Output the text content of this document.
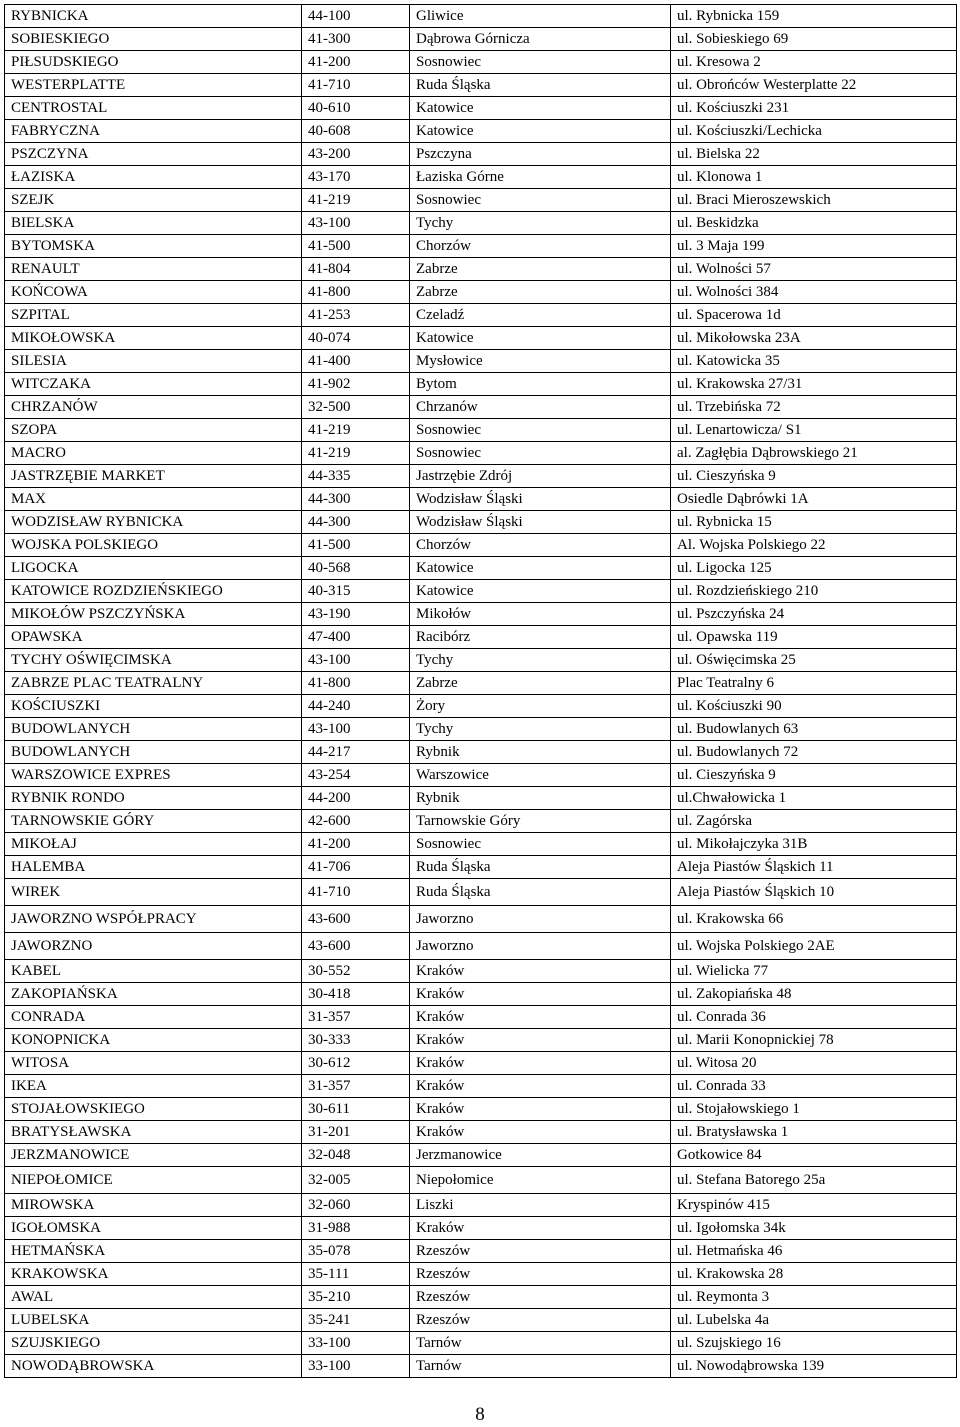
RYBNICKA	44-100	Gliwice	ul. Rybnicka 159
SOBIESKIEGO	41-300	Dąbrowa Górnicza	ul. Sobieskiego 69
PIŁSUDSKIEGO	41-200	Sosnowiec	ul. Kresowa 2
WESTERPLATTE	41-710	Ruda Śląska	ul. Obrońców Westerplatte 22
CENTROSTAL	40-610	Katowice	ul. Kościuszki 231
FABRYCZNA	40-608	Katowice	ul. Kościuszki/Lechicka
PSZCZYNA	43-200	Pszczyna	ul. Bielska 22
ŁAZISKA	43-170	Łaziska Górne	ul. Klonowa 1
SZEJK	41-219	Sosnowiec	ul. Braci Mieroszewskich
BIELSKA	43-100	Tychy	ul. Beskidzka
BYTOMSKA	41-500	Chorzów	ul. 3 Maja 199
RENAULT	41-804	Zabrze	ul. Wolności 57
KOŃCOWA	41-800	Zabrze	ul. Wolności 384
SZPITAL	41-253	Czeladź	ul. Spacerowa 1d
MIKOŁOWSKA	40-074	Katowice	ul. Mikołowska 23A
SILESIA	41-400	Mysłowice	ul. Katowicka 35
WITCZAKA	41-902	Bytom	ul. Krakowska 27/31
CHRZANÓW	32-500	Chrzanów	ul. Trzebińska 72
SZOPA	41-219	Sosnowiec	ul. Lenartowicza/ S1
MACRO	41-219	Sosnowiec	al. Zagłębia Dąbrowskiego 21
JASTRZĘBIE MARKET	44-335	Jastrzębie Zdrój	ul. Cieszyńska 9
MAX	44-300	Wodzisław Śląski	Osiedle Dąbrówki 1A
WODZISŁAW RYBNICKA	44-300	Wodzisław Śląski	ul. Rybnicka 15
WOJSKA POLSKIEGO	41-500	Chorzów	Al. Wojska Polskiego 22
LIGOCKA	40-568	Katowice	ul. Ligocka 125
KATOWICE ROZDZIEŃSKIEGO	40-315	Katowice	ul. Rozdzieńskiego 210
MIKOŁÓW PSZCZYŃSKA	43-190	Mikołów	ul. Pszczyńska 24
OPAWSKA	47-400	Racibórz	ul. Opawska 119
TYCHY OŚWIĘCIMSKA	43-100	Tychy	ul. Oświęcimska 25
ZABRZE PLAC TEATRALNY	41-800	Zabrze	Plac Teatralny 6
KOŚCIUSZKI	44-240	Żory	ul. Kościuszki 90
BUDOWLANYCH	43-100	Tychy	ul. Budowlanych 63
BUDOWLANYCH	44-217	Rybnik	ul. Budowlanych 72
WARSZOWICE EXPRES	43-254	Warszowice	ul. Cieszyńska 9
RYBNIK RONDO	44-200	Rybnik	ul.Chwałowicka 1
TARNOWSKIE GÓRY	42-600	Tarnowskie Góry	ul. Zagórska
MIKOŁAJ	41-200	Sosnowiec	ul. Mikołajczyka 31B
HALEMBA	41-706	Ruda Śląska	Aleja Piastów Śląskich 11
WIREK	41-710	Ruda Śląska	Aleja Piastów Śląskich 10
JAWORZNO WSPÓŁPRACY	43-600	Jaworzno	ul. Krakowska 66
JAWORZNO	43-600	Jaworzno	ul. Wojska Polskiego 2AE
KABEL	30-552	Kraków	ul. Wielicka 77
ZAKOPIAŃSKA	30-418	Kraków	ul. Zakopiańska 48
CONRADA	31-357	Kraków	ul. Conrada 36
KONOPNICKA	30-333	Kraków	ul. Marii Konopnickiej 78
WITOSA	30-612	Kraków	ul. Witosa 20
IKEA	31-357	Kraków	ul. Conrada 33
STOJAŁOWSKIEGO	30-611	Kraków	ul. Stojałowskiego 1
BRATYSŁAWSKA	31-201	Kraków	ul. Bratysławska 1
JERZMANOWICE	32-048	Jerzmanowice	Gotkowice 84
NIEPOŁOMICE	32-005	Niepołomice	ul. Stefana Batorego 25a
MIROWSKA	32-060	Liszki	Kryspinów 415
IGOŁOMSKA	31-988	Kraków	ul. Igołomska 34k
HETMAŃSKA	35-078	Rzeszów	ul. Hetmańska 46
KRAKOWSKA	35-111	Rzeszów	ul. Krakowska 28
AWAL	35-210	Rzeszów	ul. Reymonta 3
LUBELSKA	35-241	Rzeszów	ul. Lubelska 4a
SZUJSKIEGO	33-100	Tarnów	ul. Szujskiego 16
NOWODĄBROWSKA	33-100	Tarnów	ul. Nowodąbrowska 139
8
